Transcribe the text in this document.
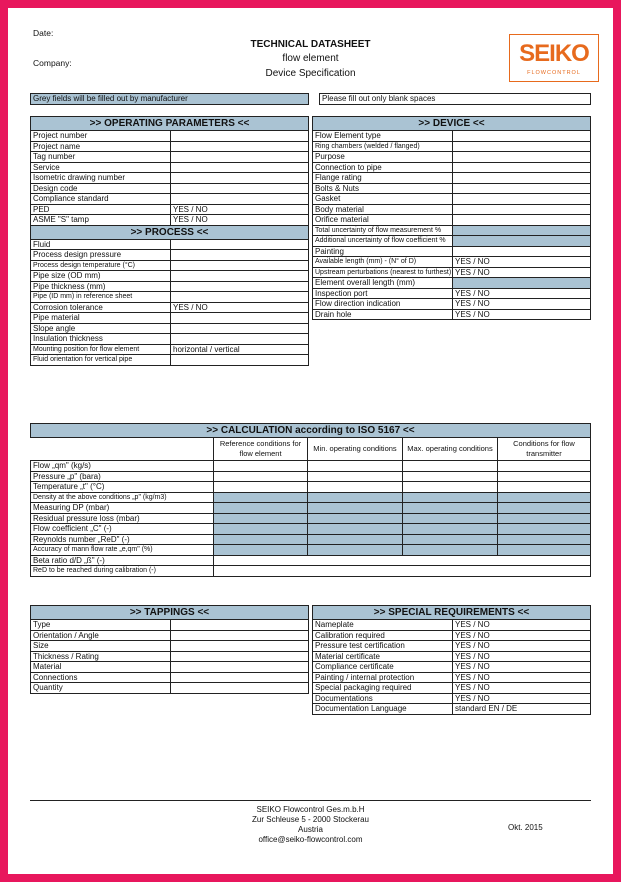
Date:
Company:
TECHNICAL DATASHEET
flow element
Device Specification
SEIKO
FLOWCONTROL
Grey fields will be filled out by manufacturer		Please fill out only blank spaces
>> OPERATING PARAMETERS <<	
Project number	
Project name	
Tag number	
Service	
Isometric drawing number	
Design code	
Compliance standard	
PED	YES / NO
ASME "S" tamp	YES / NO
>> PROCESS <<	
Fluid	
Process design pressure	
Process design temperature (°C)	
Pipe size (OD mm)	
Pipe thickness (mm)	
Pipe (ID mm) in reference sheet	
Corrosion tolerance	YES / NO
Pipe material	
Slope angle	
Insulation thickness	
Mounting position for flow element	horizontal / vertical
Fluid orientation for vertical pipe	
>> DEVICE <<	
Flow Element type	
Ring chambers (welded / flanged)	
Purpose	
Connection to pipe	
Flange rating	
Bolts & Nuts	
Gasket	
Body material	
Orifice material	
Total uncertainty of flow measurement %	
Additional uncertainty of flow coefficient %	
Painting	
Available length (mm) - (N° of D)	YES / NO
Upstream perturbations (nearest to furthest)	YES / NO
Element overall length (mm)	
Inspection port	YES / NO
Flow direction indication	YES / NO
Drain hole	YES / NO
>> CALCULATION according to ISO 5167 <<				
	Reference conditions for flow element	Min. operating conditions	Max. operating conditions	Conditions for flow transmitter
Flow „qm" (kg/s)				
Pressure „p" (bara)				
Temperature „t" (°C)				
Density at the above conditions „p" (kg/m3)				
Measuring DP (mbar)				
Residual pressure loss (mbar)				
Flow coefficient „C" (-)				
Reynolds number „ReD" (-)				
Accuracy of mann flow rate „e,qm" (%)				
Beta ratio d/D „ß" (-)				
ReD to be reached during calibration (-)				
>> TAPPINGS <<	
Type	
Orientation / Angle	
Size	
Thickness / Rating	
Material	
Connections	
Quantity	
>> SPECIAL REQUIREMENTS <<	
Nameplate	YES / NO
Calibration required	YES / NO
Pressure test certification	YES / NO
Material certificate	YES / NO
Compliance certificate	YES / NO
Painting / internal protection	YES / NO
Special packaging required	YES / NO
Documentations	YES / NO
Documentation Language	standard EN / DE
SEIKO Flowcontrol Ges.m.b.H
Zur Schleuse 5 - 2000 Stockerau
Austria
office@seiko-flowcontrol.com
Okt. 2015
